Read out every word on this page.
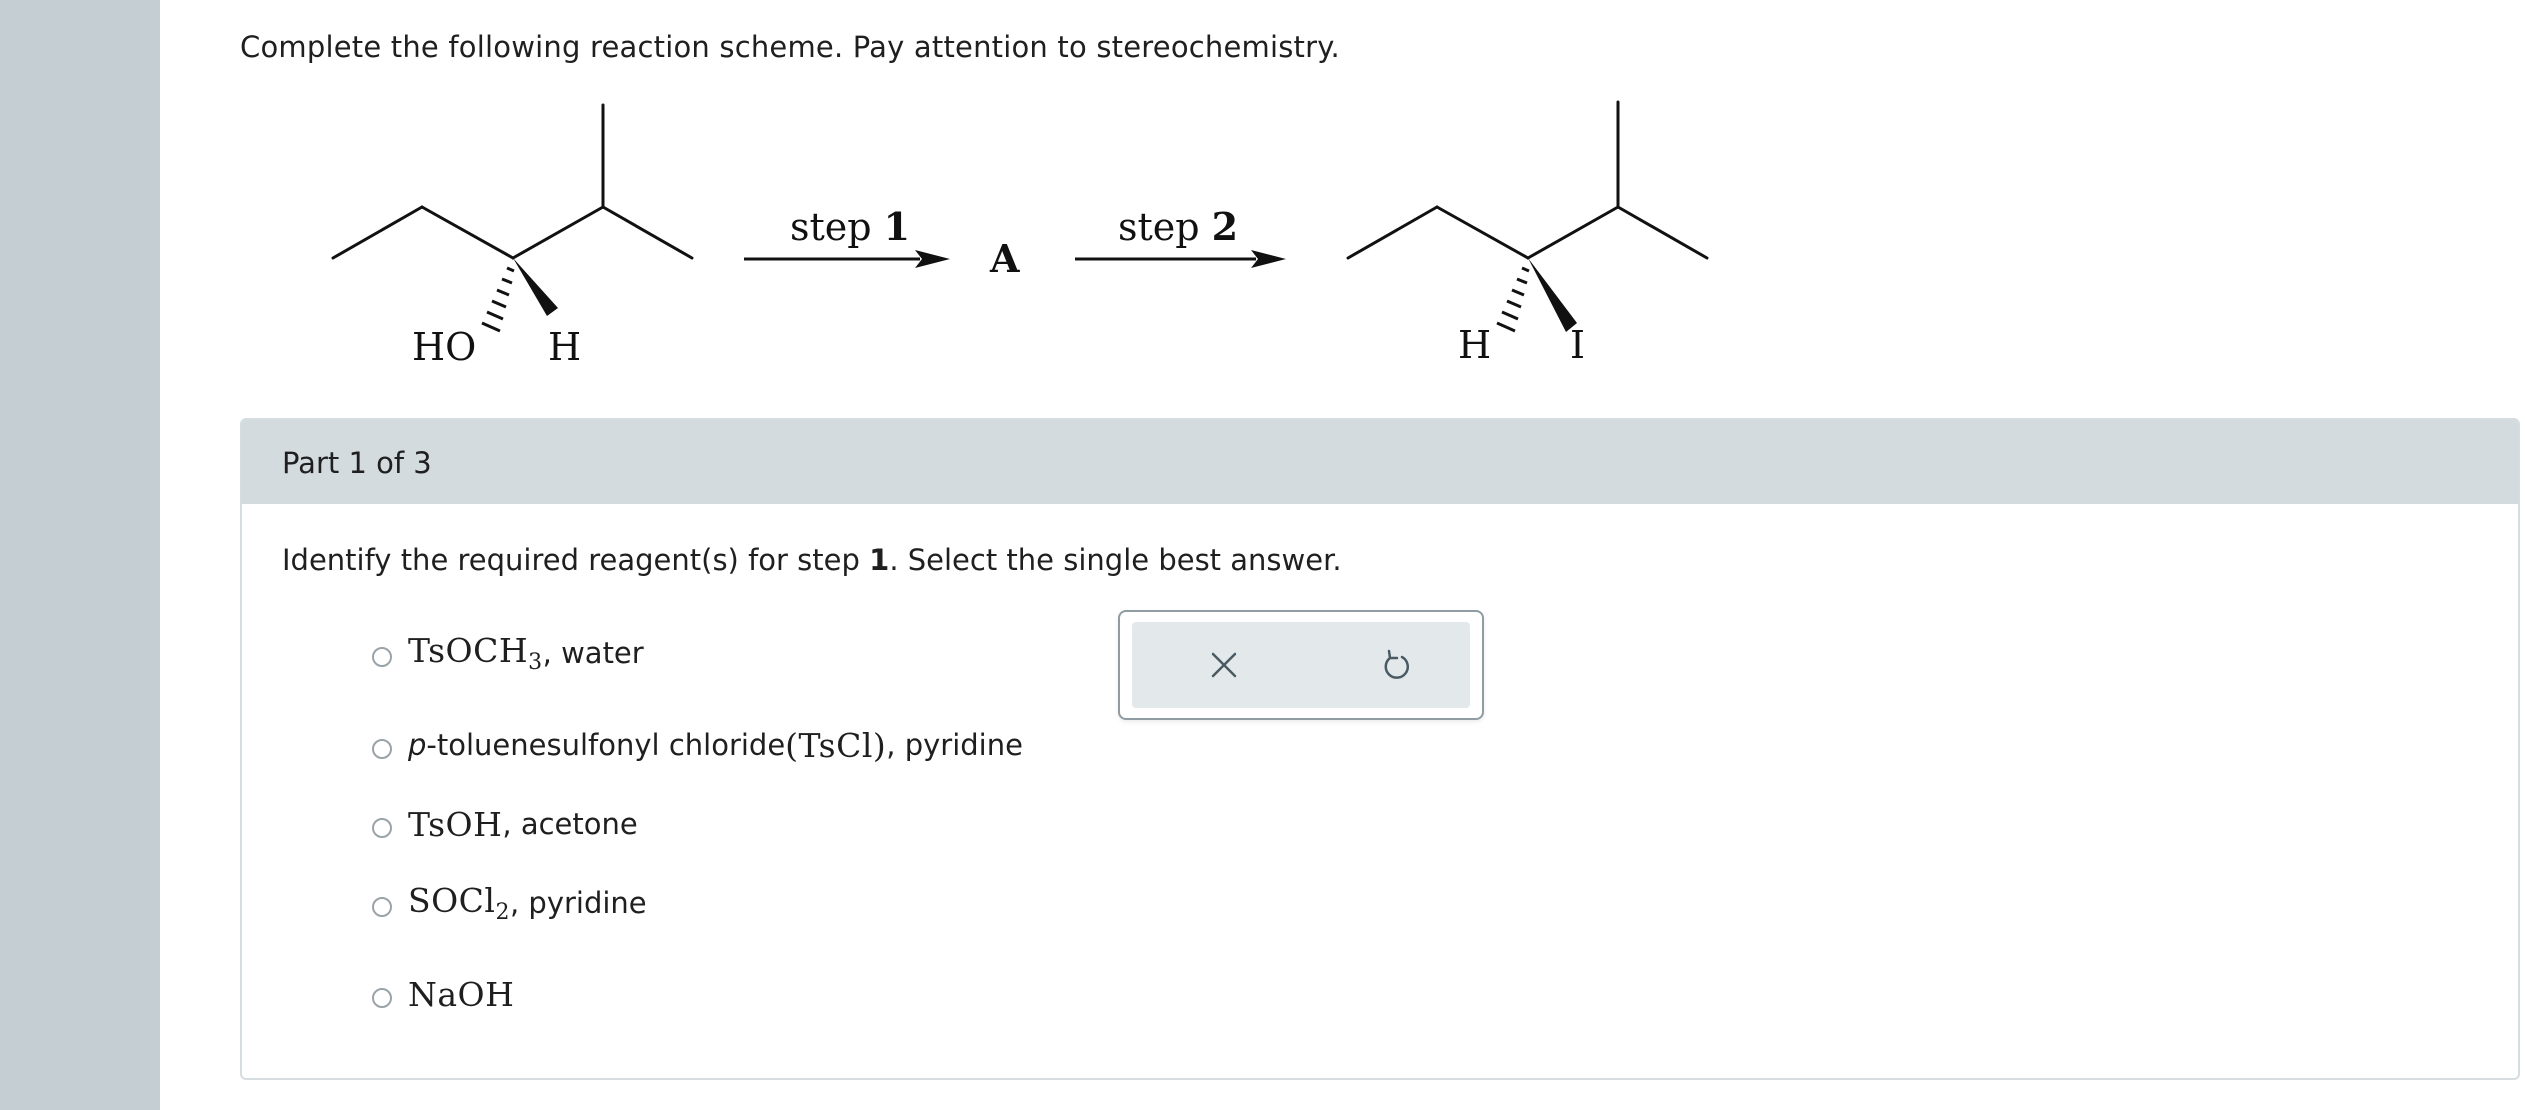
Complete the following reaction scheme. Pay attention to stereochemistry.
HO H
step 1
A
step 2
H I
Part 1 of 3
Identify the required reagent(s) for step 1. Select the single best answer.
TsOCH$_3$ , water
p -toluenesulfonyl chloride (TsCl) , pyridine
TsOH , acetone
SOCl$_2$ , pyridine
NaOH
